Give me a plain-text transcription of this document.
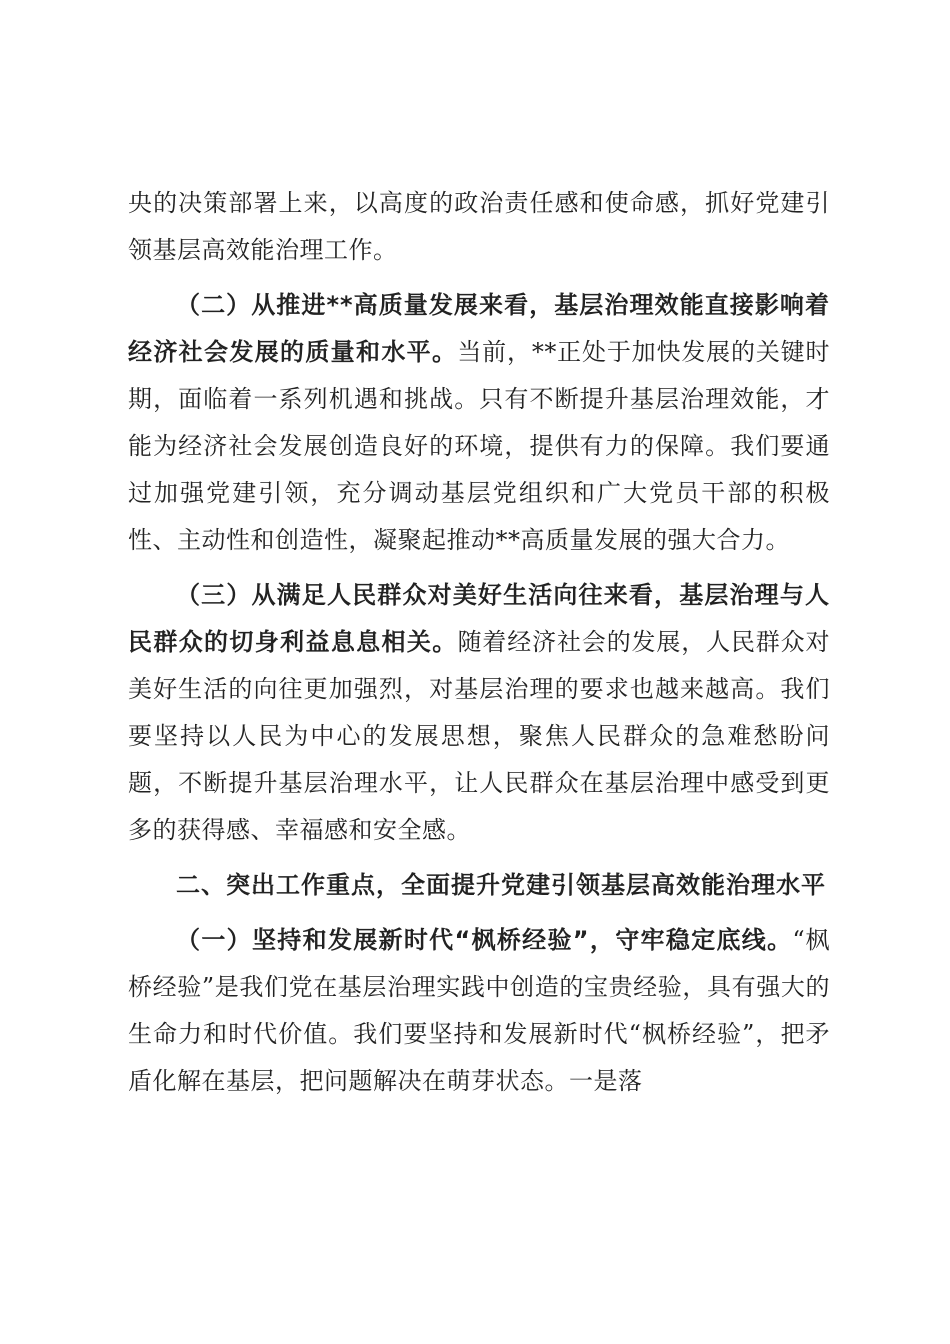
央的决策部署上来，以高度的政治责任感和使命感，抓好党建引领基层高效能治理工作。

（二）从推进**高质量发展来看，基层治理效能直接影响着经济社会发展的质量和水平。当前，**正处于加快发展的关键时期，面临着一系列机遇和挑战。只有不断提升基层治理效能，才能为经济社会发展创造良好的环境，提供有力的保障。我们要通过加强党建引领，充分调动基层党组织和广大党员干部的积极性、主动性和创造性，凝聚起推动**高质量发展的强大合力。

（三）从满足人民群众对美好生活向往来看，基层治理与人民群众的切身利益息息相关。随着经济社会的发展，人民群众对美好生活的向往更加强烈，对基层治理的要求也越来越高。我们要坚持以人民为中心的发展思想，聚焦人民群众的急难愁盼问题，不断提升基层治理水平，让人民群众在基层治理中感受到更多的获得感、幸福感和安全感。

二、突出工作重点，全面提升党建引领基层高效能治理水平

（一）坚持和发展新时代“枫桥经验”，守牢稳定底线。“枫桥经验”是我们党在基层治理实践中创造的宝贵经验，具有强大的生命力和时代价值。我们要坚持和发展新时代“枫桥经验”，把矛盾化解在基层，把问题解决在萌芽状态。一是落
